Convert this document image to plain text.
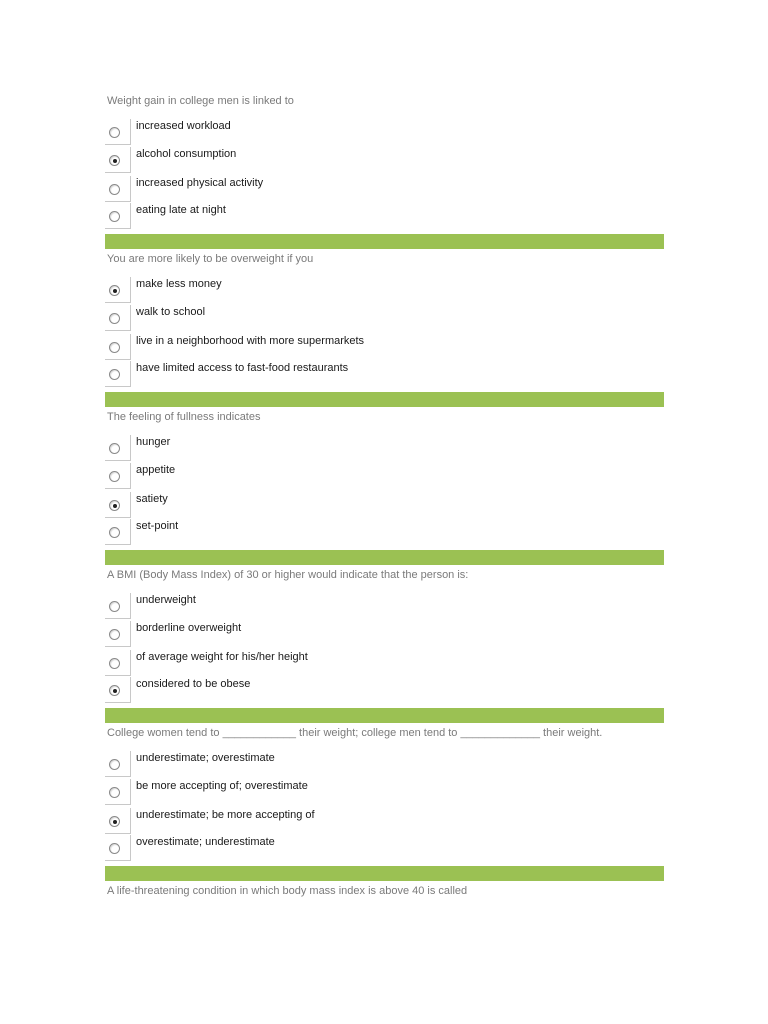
Weight gain in college men is linked to
increased workload
alcohol consumption
increased physical activity
eating late at night
You are more likely to be overweight if you
make less money
walk to school
live in a neighborhood with more supermarkets
have limited access to fast-food restaurants
The feeling of fullness indicates
hunger
appetite
satiety
set-point
A BMI (Body Mass Index) of 30 or higher would indicate that the person is:
underweight
borderline overweight
of average weight for his/her height
considered to be obese
College women tend to ____________ their weight; college men tend to _____________ their weight.
underestimate; overestimate
be more accepting of; overestimate
underestimate; be more accepting of
overestimate; underestimate
A life-threatening condition in which body mass index is above 40 is called
